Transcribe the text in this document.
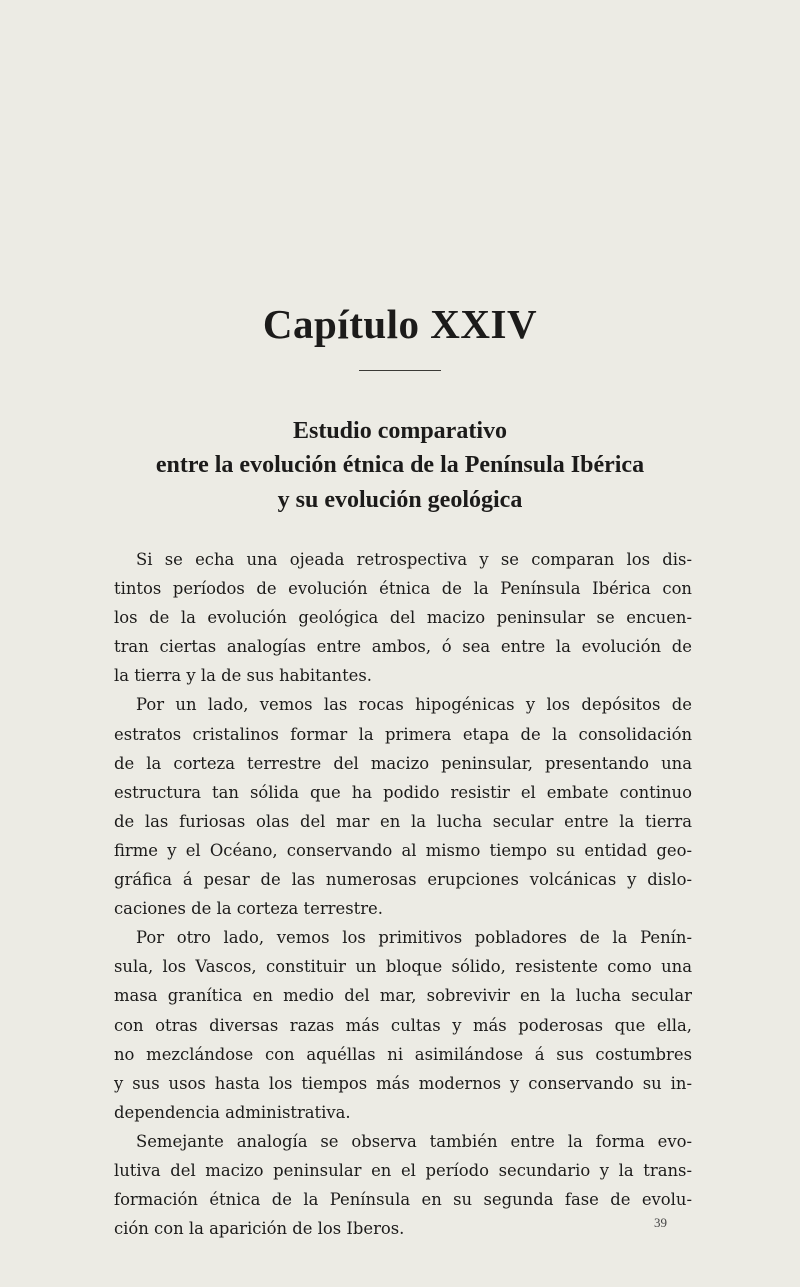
Capítulo XXIV
Estudio comparativo
entre la evolución étnica de la Península Ibérica
y su evolución geológica
Si se echa una ojeada retrospectiva y se comparan los dis-
tintos períodos de evolución étnica de la Península Ibérica con
los de la evolución geológica del macizo peninsular se encuen-
tran ciertas analogías entre ambos, ó sea entre la evolución de
la tierra y la de sus habitantes.
Por un lado, vemos las rocas hipogénicas y los depósitos de
estratos cristalinos formar la primera etapa de la consolidación
de la corteza terrestre del macizo peninsular, presentando una
estructura tan sólida que ha podido resistir el embate continuo
de las furiosas olas del mar en la lucha secular entre la tierra
firme y el Océano, conservando al mismo tiempo su entidad geo-
gráfica á pesar de las numerosas erupciones volcánicas y dislo-
caciones de la corteza terrestre.
Por otro lado, vemos los primitivos pobladores de la Penín-
sula, los Vascos, constituir un bloque sólido, resistente como una
masa granítica en medio del mar, sobrevivir en la lucha secular
con otras diversas razas más cultas y más poderosas que ella,
no mezclándose con aquéllas ni asimilándose á sus costumbres
y sus usos hasta los tiempos más modernos y conservando su in-
dependencia administrativa.
Semejante analogía se observa también entre la forma evo-
lutiva del macizo peninsular en el período secundario y la trans-
formación étnica de la Península en su segunda fase de evolu-
ción con la aparición de los Iberos.	39
